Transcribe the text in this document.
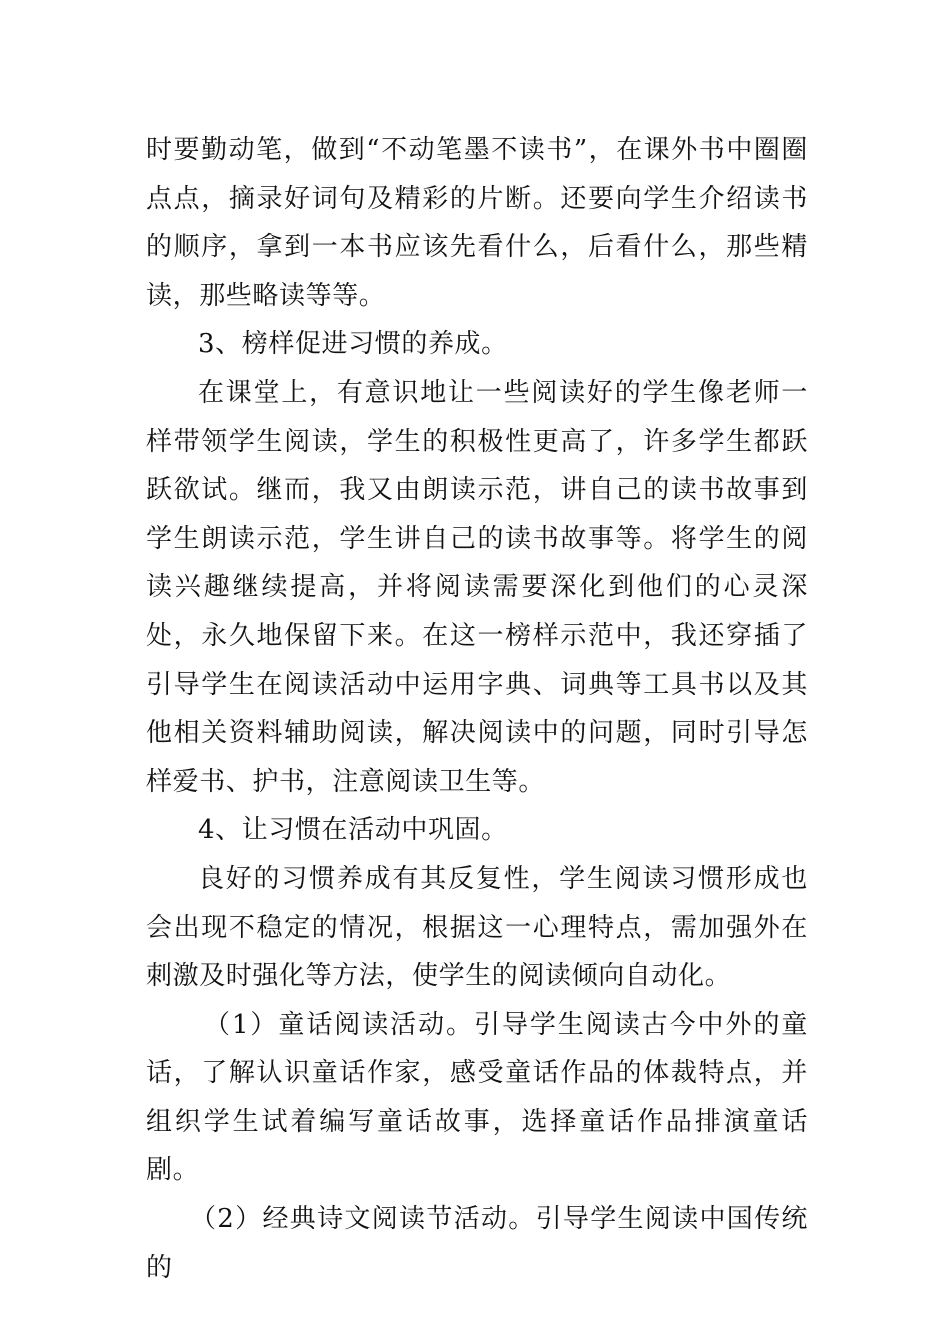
时要勤动笔，做到“不动笔墨不读书”，在课外书中圈圈点点，摘录好词句及精彩的片断。还要向学生介绍读书的顺序，拿到一本书应该先看什么，后看什么，那些精读，那些略读等等。

3、榜样促进习惯的养成。

在课堂上，有意识地让一些阅读好的学生像老师一样带领学生阅读，学生的积极性更高了，许多学生都跃跃欲试。继而，我又由朗读示范，讲自己的读书故事到学生朗读示范，学生讲自己的读书故事等。将学生的阅读兴趣继续提高，并将阅读需要深化到他们的心灵深处，永久地保留下来。在这一榜样示范中，我还穿插了引导学生在阅读活动中运用字典、词典等工具书以及其他相关资料辅助阅读，解决阅读中的问题，同时引导怎样爱书、护书，注意阅读卫生等。

4、让习惯在活动中巩固。

良好的习惯养成有其反复性，学生阅读习惯形成也会出现不稳定的情况，根据这一心理特点，需加强外在刺激及时强化等方法，使学生的阅读倾向自动化。

（1）童话阅读活动。引导学生阅读古今中外的童话，了解认识童话作家，感受童话作品的体裁特点，并组织学生试着编写童话故事，选择童话作品排演童话剧。

（2）经典诗文阅读节活动。引导学生阅读中国传统的
